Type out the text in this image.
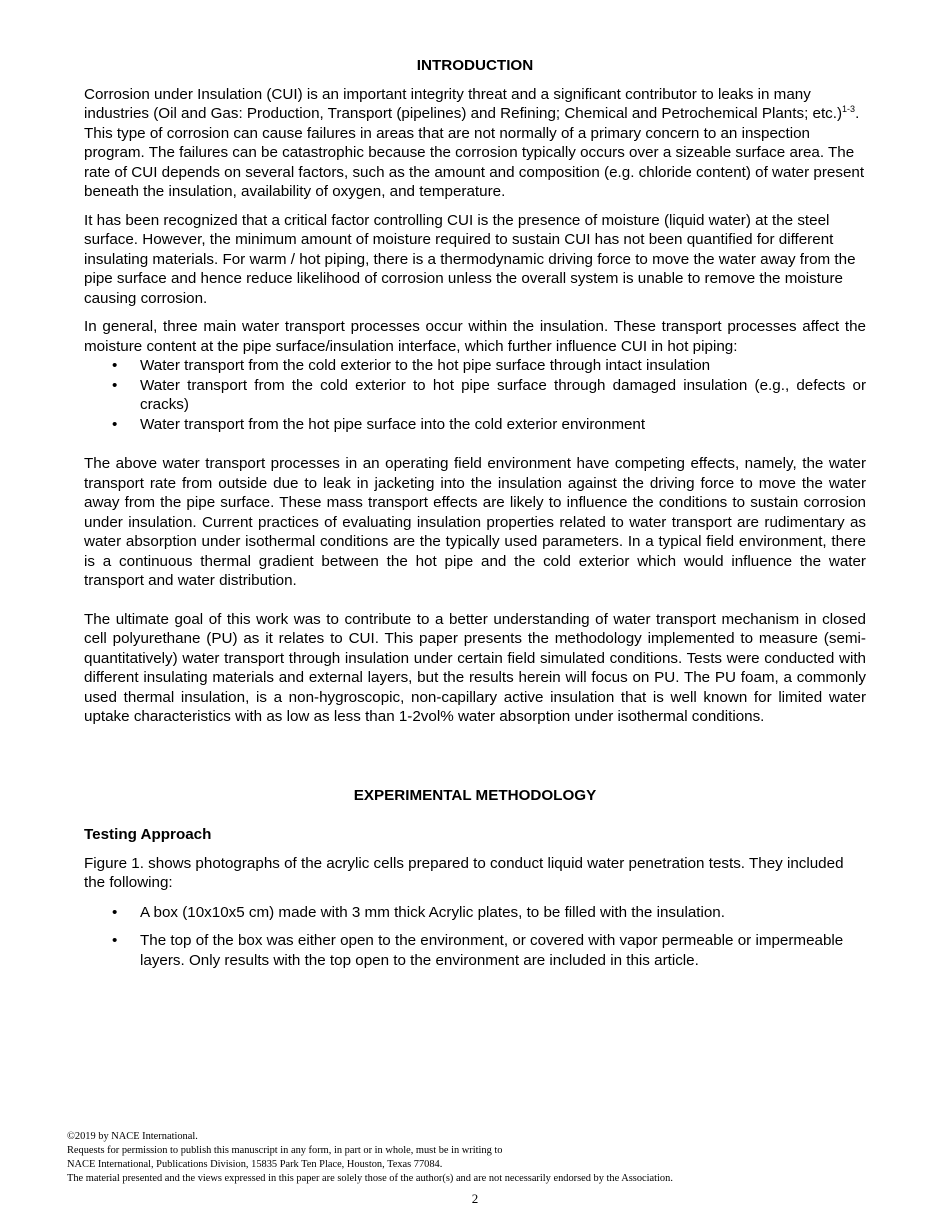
INTRODUCTION

Corrosion under Insulation (CUI) is an important integrity threat and a significant contributor to leaks in many industries (Oil and Gas: Production, Transport (pipelines) and Refining; Chemical and Petrochemical Plants; etc.)$^{1-3}$. This type of corrosion can cause failures in areas that are not normally of a primary concern to an inspection program. The failures can be catastrophic because the corrosion typically occurs over a sizeable surface area. The rate of CUI depends on several factors, such as the amount and composition (e.g. chloride content) of water present beneath the insulation, availability of oxygen, and temperature.

It has been recognized that a critical factor controlling CUI is the presence of moisture (liquid water) at the steel surface. However, the minimum amount of moisture required to sustain CUI has not been quantified for different insulating materials. For warm / hot piping, there is a thermodynamic driving force to move the water away from the pipe surface and hence reduce likelihood of corrosion unless the overall system is unable to remove the moisture causing corrosion.

In general, three main water transport processes occur within the insulation. These transport processes affect the moisture content at the pipe surface/insulation interface, which further influence CUI in hot piping:

• Water transport from the cold exterior to the hot pipe surface through intact insulation
• Water transport from the cold exterior to hot pipe surface through damaged insulation (e.g., defects or cracks)
• Water transport from the hot pipe surface into the cold exterior environment

The above water transport processes in an operating field environment have competing effects, namely, the water transport rate from outside due to leak in jacketing into the insulation against the driving force to move the water away from the pipe surface. These mass transport effects are likely to influence the conditions to sustain corrosion under insulation. Current practices of evaluating insulation properties related to water transport are rudimentary as water absorption under isothermal conditions are the typically used parameters. In a typical field environment, there is a continuous thermal gradient between the hot pipe and the cold exterior which would influence the water transport and water distribution.

The ultimate goal of this work was to contribute to a better understanding of water transport mechanism in closed cell polyurethane (PU) as it relates to CUI. This paper presents the methodology implemented to measure (semi-quantitatively) water transport through insulation under certain field simulated conditions. Tests were conducted with different insulating materials and external layers, but the results herein will focus on PU. The PU foam, a commonly used thermal insulation, is a non-hygroscopic, non-capillary active insulation that is well known for limited water uptake characteristics with as low as less than 1-2vol% water absorption under isothermal conditions.

EXPERIMENTAL METHODOLOGY
Testing Approach

Figure 1. shows photographs of the acrylic cells prepared to conduct liquid water penetration tests. They included the following:

• A box (10x10x5 cm) made with 3 mm thick Acrylic plates, to be filled with the insulation.
• The top of the box was either open to the environment, or covered with vapor permeable or impermeable layers. Only results with the top open to the environment are included in this article.
©2019 by NACE International.
Requests for permission to publish this manuscript in any form, in part or in whole, must be in writing to
NACE International, Publications Division, 15835 Park Ten Place, Houston, Texas 77084.
The material presented and the views expressed in this paper are solely those of the author(s) and are not necessarily endorsed by the Association.
2
